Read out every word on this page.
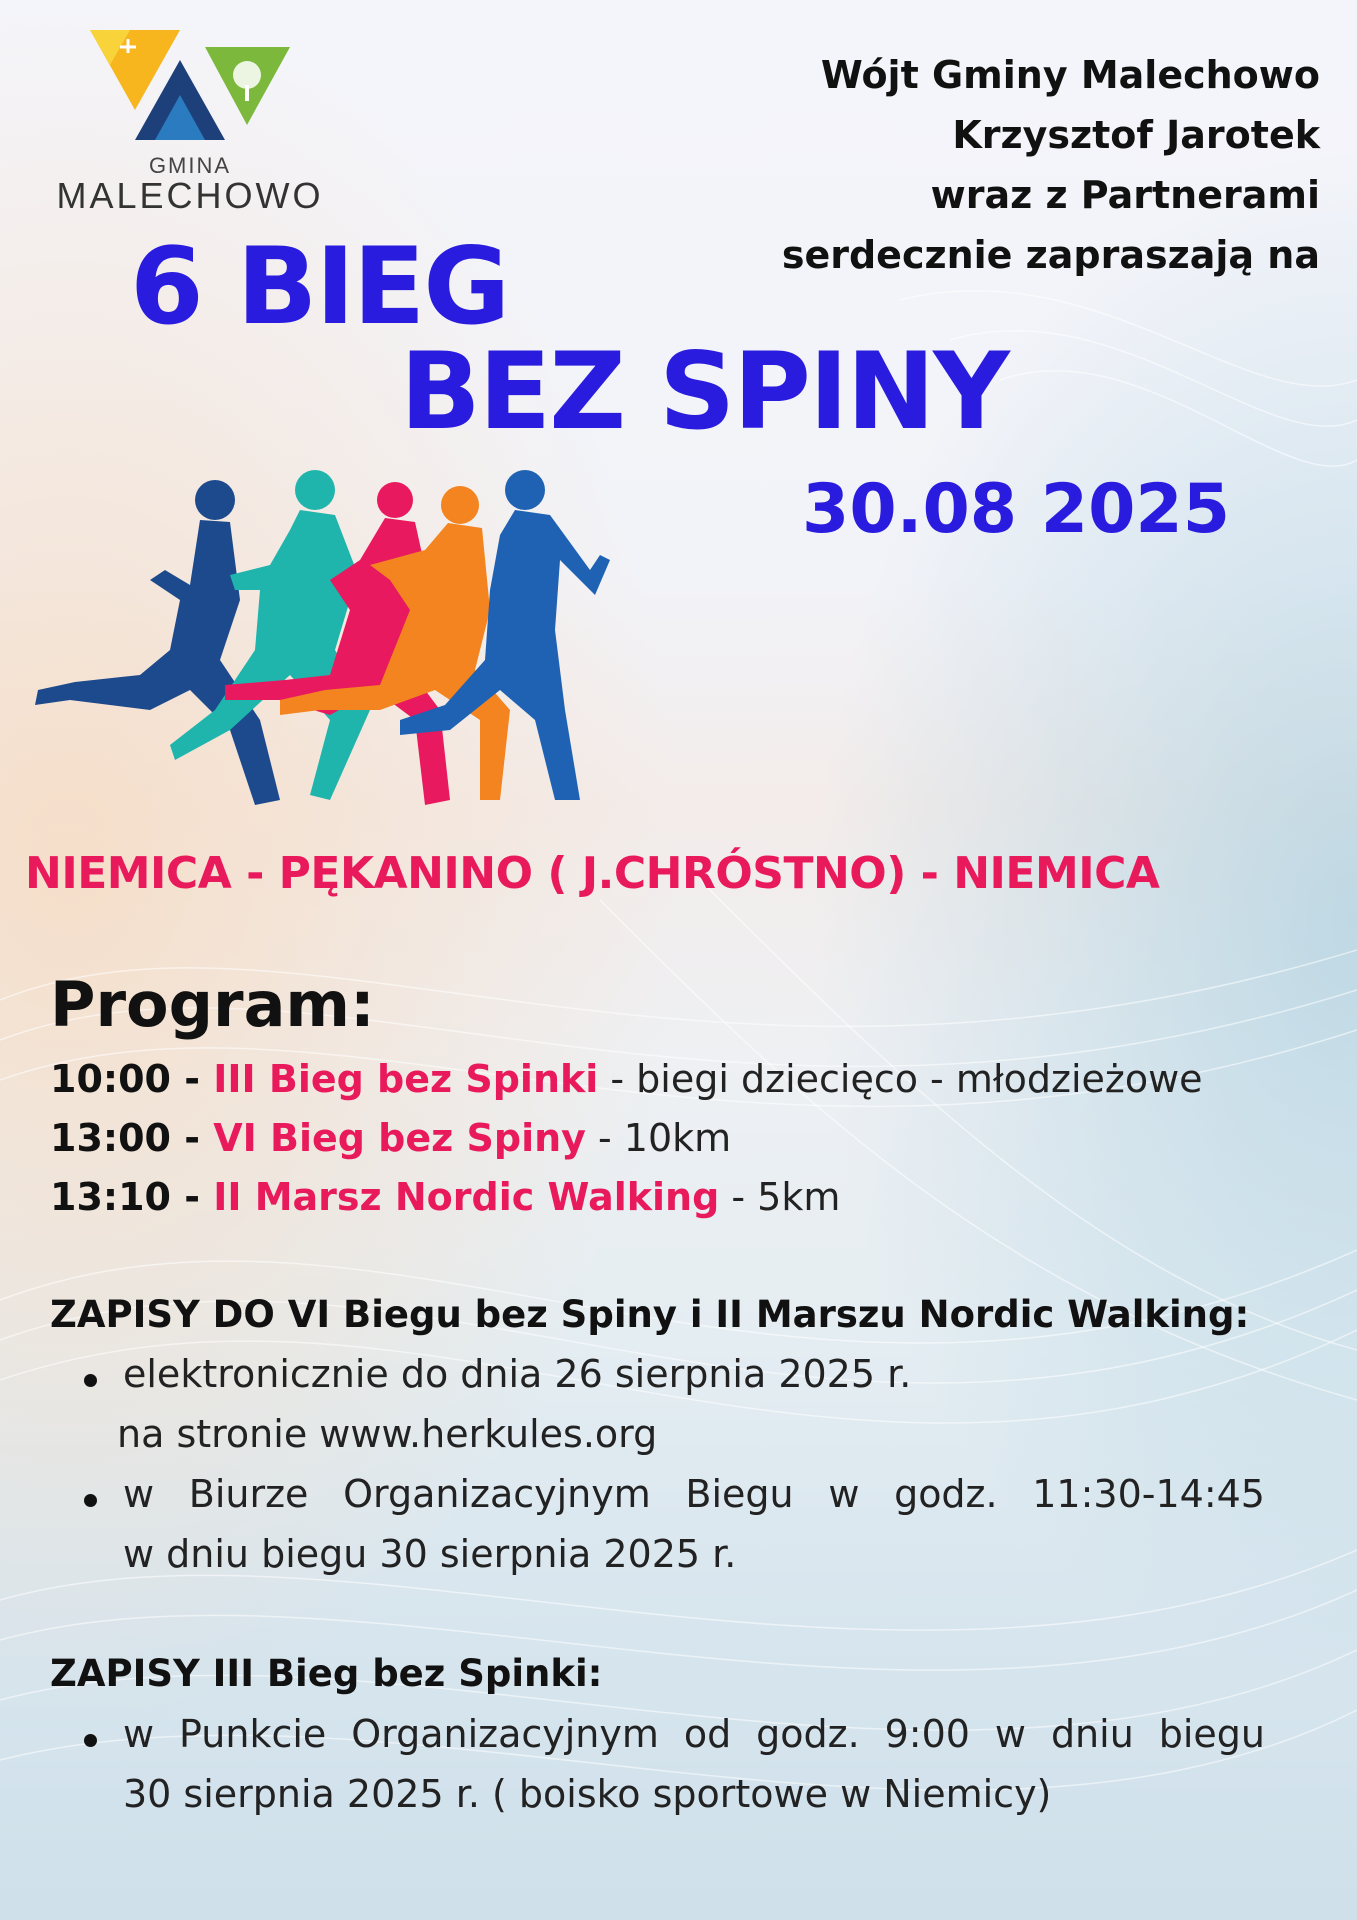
GMINA
MALECHOWO
Wójt Gminy Malechowo
Krzysztof Jarotek
wraz z Partnerami
serdecznie zapraszają na
6 BIEG
BEZ SPINY
30.08 2025
NIEMICA - PĘKANINO ( J.CHRÓSTNO) - NIEMICA
Program:
10:00 - III Bieg bez Spinki - biegi dziecięco - młodzieżowe
13:00 - VI Bieg bez Spiny - 10km
13:10 - II Marsz Nordic Walking - 5km
ZAPISY DO VI Biegu bez Spiny i II Marszu Nordic Walking:
elektronicznie do dnia 26 sierpnia 2025 r.
na stronie www.herkules.org
w Biurze Organizacyjnym Biegu w godz. 11:30-14:45
w dniu biegu 30 sierpnia 2025 r.
ZAPISY III Bieg bez Spinki:
w Punkcie Organizacyjnym od godz. 9:00 w dniu biegu
30 sierpnia 2025 r. ( boisko sportowe w Niemicy)
